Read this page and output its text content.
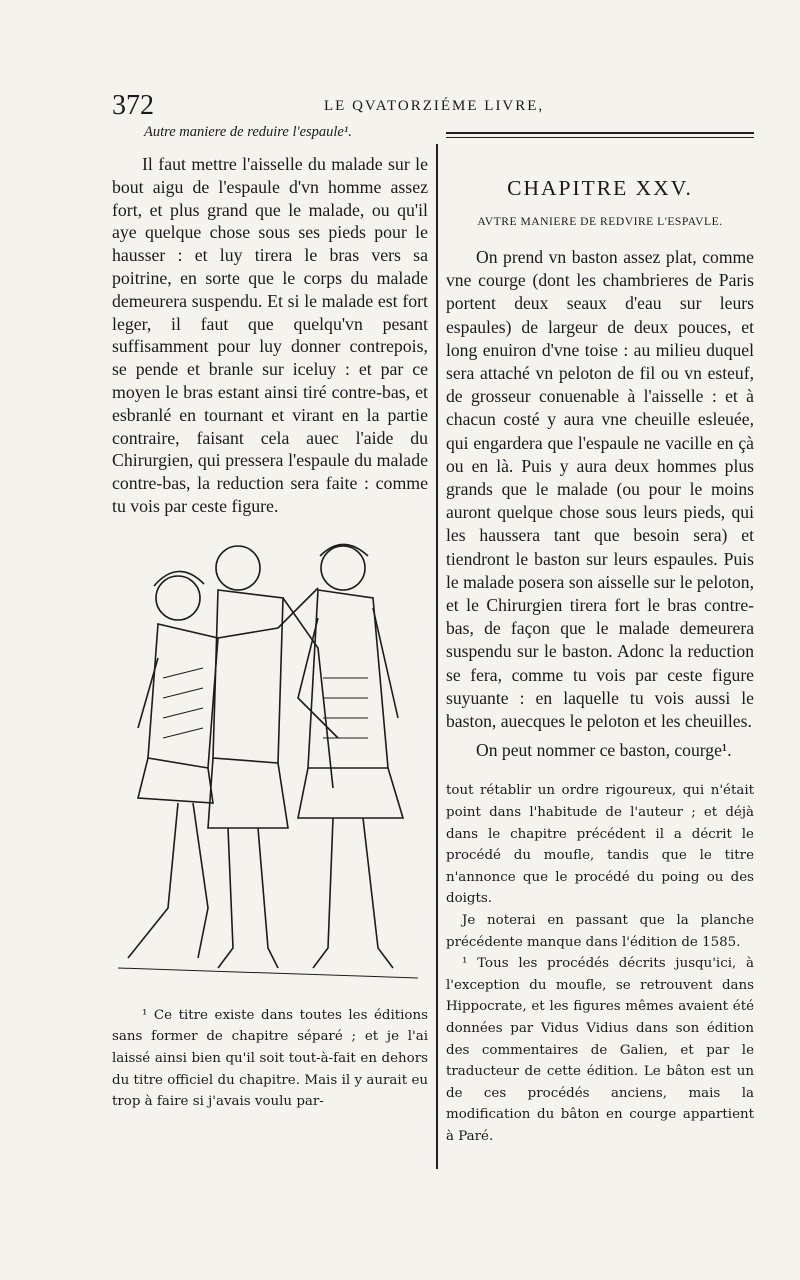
372	LE QVATORZIÉME LIVRE,
Autre maniere de reduire l'espaule¹.

Il faut mettre l'aisselle du malade sur le bout aigu de l'espaule d'vn homme assez fort, et plus grand que le malade, ou qu'il aye quelque chose sous ses pieds pour le hausser : et luy tirera le bras vers sa poitrine, en sorte que le corps du malade demeurera suspendu. Et si le malade est fort leger, il faut que quelqu'vn pesant suffisamment pour luy donner contrepois, se pende et branle sur iceluy : et par ce moyen le bras estant ainsi tiré contre-bas, et esbranlé en tournant et virant en la partie contraire, faisant cela auec l'aide du Chirurgien, qui pressera l'espaule du malade contre-bas, la reduction sera faite : comme tu vois par ceste figure.

¹ Ce titre existe dans toutes les éditions sans former de chapitre séparé ; et je l'ai laissé ainsi bien qu'il soit tout-à-fait en dehors du titre officiel du chapitre. Mais il y aurait eu trop à faire si j'avais voulu par-

CHAPITRE XXV.
AVTRE MANIERE DE REDVIRE L'ESPAVLE.

On prend vn baston assez plat, comme vne courge (dont les chambrieres de Paris portent deux seaux d'eau sur leurs espaules) de largeur de deux pouces, et long enuiron d'vne toise : au milieu duquel sera attaché vn peloton de fil ou vn esteuf, de grosseur conuenable à l'aisselle : et à chacun costé y aura vne cheuille esleuée, qui engardera que l'espaule ne vacille en çà ou en là. Puis y aura deux hommes plus grands que le malade (ou pour le moins auront quelque chose sous leurs pieds, qui les haussera tant que besoin sera) et tiendront le baston sur leurs espaules. Puis le malade posera son aisselle sur le peloton, et le Chirurgien tirera fort le bras contre-bas, de façon que le malade demeurera suspendu sur le baston. Adonc la reduction se fera, comme tu vois par ceste figure suyuante : en laquelle tu vois aussi le baston, auecques le peloton et les cheuilles.

On peut nommer ce baston, courge¹.

tout rétablir un ordre rigoureux, qui n'était point dans l'habitude de l'auteur ; et déjà dans le chapitre précédent il a décrit le procédé du moufle, tandis que le titre n'annonce que le procédé du poing ou des doigts.

Je noterai en passant que la planche précédente manque dans l'édition de 1585.

¹ Tous les procédés décrits jusqu'ici, à l'exception du moufle, se retrouvent dans Hippocrate, et les figures mêmes avaient été données par Vidus Vidius dans son édition des commentaires de Galien, et par le traducteur de cette édition. Le bâton est un de ces procédés anciens, mais la modification du bâton en courge appartient à Paré.
